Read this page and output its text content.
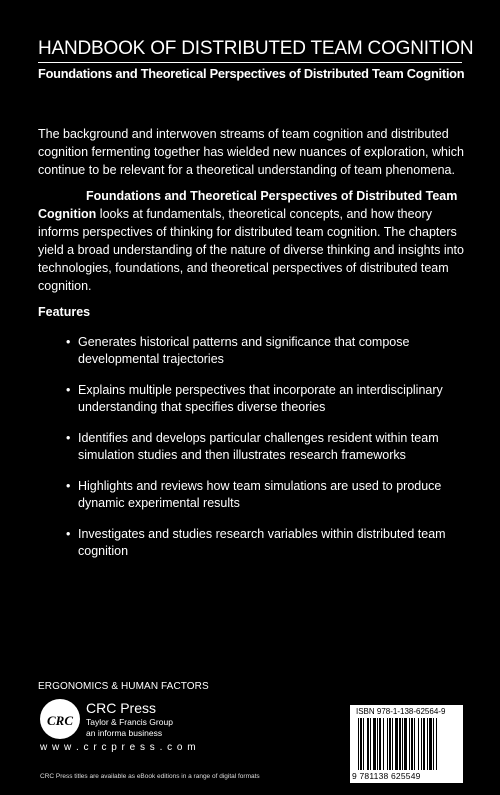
HANDBOOK OF DISTRIBUTED TEAM COGNITION
Foundations and Theoretical Perspectives of Distributed Team Cognition

The background and interwoven streams of team cognition and distributed cognition fermenting together has wielded new nuances of exploration, which continue to be relevant for a theoretical understanding of team phenomena.

Foundations and Theoretical Perspectives of Distributed Team Cognition looks at fundamentals, theoretical concepts, and how theory informs perspectives of thinking for distributed team cognition. The chapters yield a broad understanding of the nature of diverse thinking and insights into technologies, foundations, and theoretical perspectives of distributed team cognition.

Features
• Generates historical patterns and significance that compose developmental trajectories
• Explains multiple perspectives that incorporate an interdisciplinary understanding that specifies diverse theories
• Identifies and develops particular challenges resident within team simulation studies and then illustrates research frameworks
• Highlights and reviews how team simulations are used to produce dynamic experimental results
• Investigates and studies research variables within distributed team cognition
ERGONOMICS & HUMAN FACTORS
CRC
CRC Press
Taylor & Francis Group
an informa business
w w w . c r c p r e s s . c o m
CRC Press titles are available as eBook editions in a range of digital formats
ISBN 978-1-138-62564-9
9 781138 625549
